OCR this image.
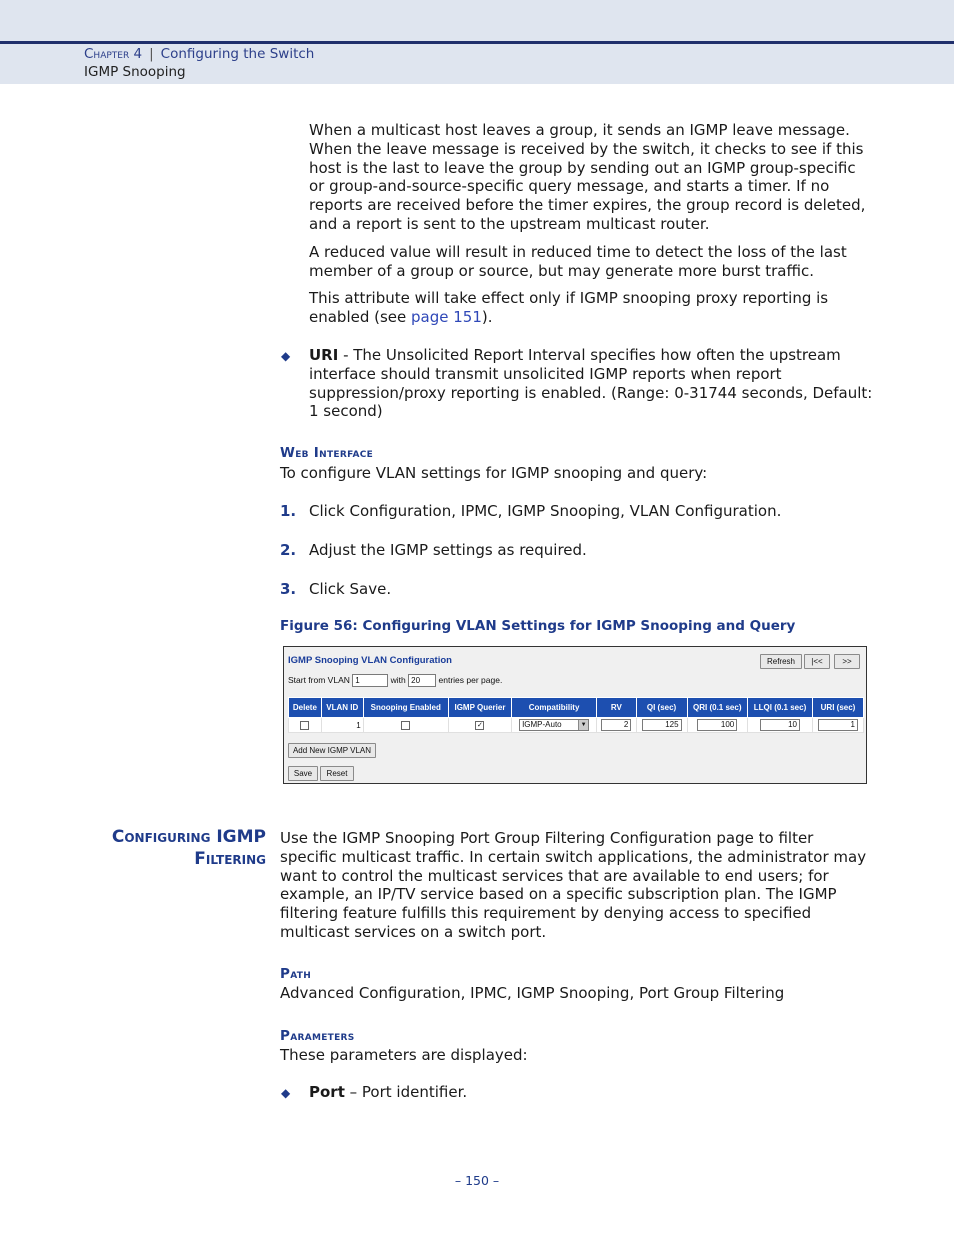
Chapter 4 | Configuring the Switch
IGMP Snooping

When a multicast host leaves a group, it sends an IGMP leave message. When the leave message is received by the switch, it checks to see if this host is the last to leave the group by sending out an IGMP group-specific or group-and-source-specific query message, and starts a timer. If no reports are received before the timer expires, the group record is deleted, and a report is sent to the upstream multicast router.

A reduced value will result in reduced time to detect the loss of the last member of a group or source, but may generate more burst traffic.

This attribute will take effect only if IGMP snooping proxy reporting is enabled (see page 151).

◆ URI - The Unsolicited Report Interval specifies how often the upstream interface should transmit unsolicited IGMP reports when report suppression/proxy reporting is enabled. (Range: 0-31744 seconds, Default: 1 second)

Web Interface

To configure VLAN settings for IGMP snooping and query:

1. Click Configuration, IPMC, IGMP Snooping, VLAN Configuration.

2. Adjust the IGMP settings as required.

3. Click Save.

Figure 56: Configuring VLAN Settings for IGMP Snooping and Query
IGMP Snooping VLAN Configuration	Refresh	|<<	>>
Start from VLAN 1	with 20 entries per page.
Delete	VLAN ID	Snooping Enabled	IGMP Querier	Compatibility	RV	QI (sec)	QRI (0.1 sec)	LLQI (0.1 sec)	URI (sec)
	1		✓	IGMP-Auto ▼	2	125	100	10	1
Add New IGMP VLAN
Save	Reset
Configuring IGMP
Filtering

Use the IGMP Snooping Port Group Filtering Configuration page to filter specific multicast traffic. In certain switch applications, the administrator may want to control the multicast services that are available to end users; for example, an IP/TV service based on a specific subscription plan. The IGMP filtering feature fulfills this requirement by denying access to specified multicast services on a switch port.

Path

Advanced Configuration, IPMC, IGMP Snooping, Port Group Filtering

Parameters

These parameters are displayed:

◆ Port – Port identifier.

– 150 –
